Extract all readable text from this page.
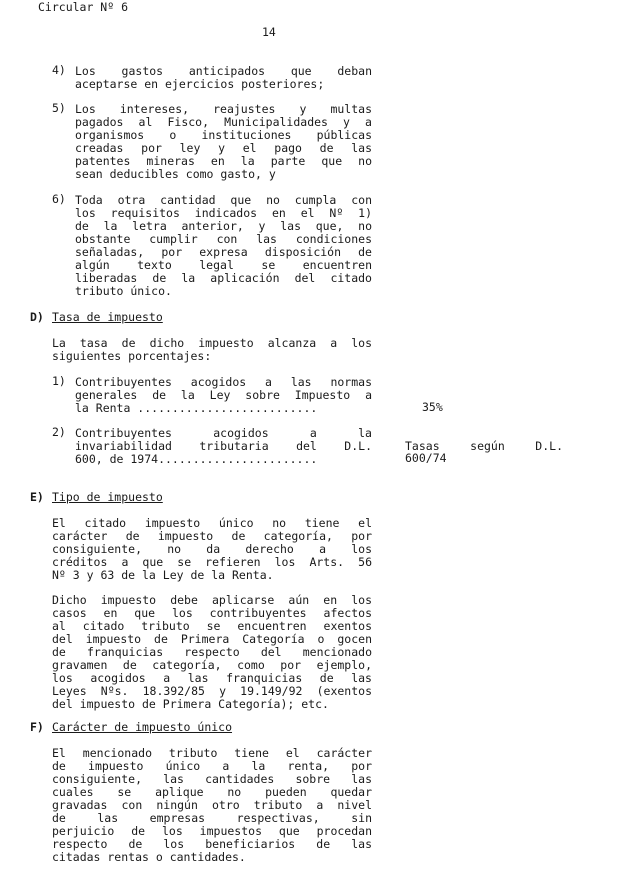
Circular Nº 6
14
4) Los gastos anticipados que deban
aceptarse en ejercicios posteriores;
5) Los intereses, reajustes y multas
pagados al Fisco, Municipalidades y a
organismos o instituciones públicas
creadas por ley y el pago de las
patentes mineras en la parte que no
sean deducibles como gasto, y
6) Toda otra cantidad que no cumpla con
los requisitos indicados en el Nº 1)
de la letra anterior, y las que, no
obstante cumplir con las condiciones
señaladas, por expresa disposición de
algún texto legal se encuentren
liberadas de la aplicación del citado
tributo único.
D) Tasa de impuesto
La tasa de dicho impuesto alcanza a los
siguientes porcentajes:
1) Contribuyentes acogidos a las normas
generales de la Ley sobre Impuesto a
la Renta ..........................	35%
2) Contribuyentes acogidos a la
invariabilidad tributaria del D.L.
600, de 1974.......................
Tasas según D.L.
600/74
E) Tipo de impuesto
El citado impuesto único no tiene el
carácter de impuesto de categoría, por
consiguiente, no da derecho a los
créditos a que se refieren los Arts. 56
Nº 3 y 63 de la Ley de la Renta.
Dicho impuesto debe aplicarse aún en los
casos en que los contribuyentes afectos
al citado tributo se encuentren exentos
del impuesto de Primera Categoría o gocen
de franquicias respecto del mencionado
gravamen de categoría, como por ejemplo,
los acogidos a las franquicias de las
Leyes Nºs. 18.392/85 y 19.149/92 (exentos
del impuesto de Primera Categoría); etc.
F) Carácter de impuesto único
El mencionado tributo tiene el carácter
de impuesto único a la renta, por
consiguiente, las cantidades sobre las
cuales se aplique no pueden quedar
gravadas con ningún otro tributo a nivel
de las empresas respectivas, sin
perjuicio de los impuestos que procedan
respecto de los beneficiarios de las
citadas rentas o cantidades.
